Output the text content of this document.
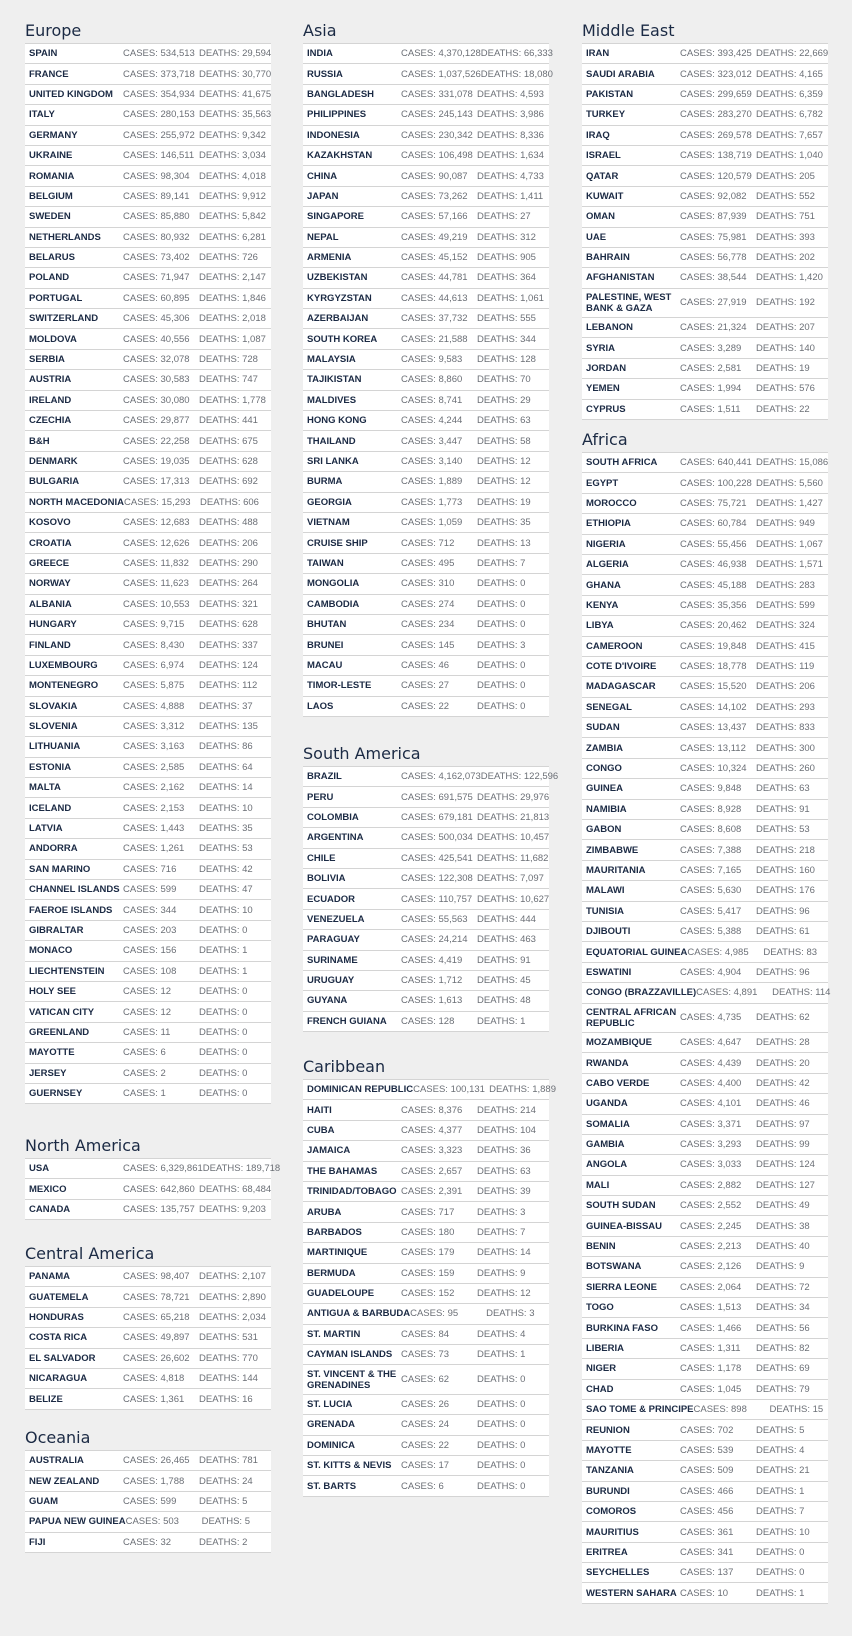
Europe
SPAIN	CASES: 534,513 DEATHS: 29,594
FRANCE	CASES: 373,718 DEATHS: 30,770
UNITED KINGDOM	CASES: 354,934 DEATHS: 41,675
ITALY	CASES: 280,153 DEATHS: 35,563
GERMANY	CASES: 255,972 DEATHS: 9,342
UKRAINE	CASES: 146,511 DEATHS: 3,034
ROMANIA	CASES: 98,304 DEATHS: 4,018
BELGIUM	CASES: 89,141 DEATHS: 9,912
SWEDEN	CASES: 85,880 DEATHS: 5,842
NETHERLANDS	CASES: 80,932 DEATHS: 6,281
BELARUS	CASES: 73,402 DEATHS: 726
POLAND	CASES: 71,947 DEATHS: 2,147
PORTUGAL	CASES: 60,895 DEATHS: 1,846
SWITZERLAND	CASES: 45,306 DEATHS: 2,018
MOLDOVA	CASES: 40,556 DEATHS: 1,087
SERBIA	CASES: 32,078 DEATHS: 728
AUSTRIA	CASES: 30,583 DEATHS: 747
IRELAND	CASES: 30,080 DEATHS: 1,778
CZECHIA	CASES: 29,877 DEATHS: 441
B&H	CASES: 22,258 DEATHS: 675
DENMARK	CASES: 19,035 DEATHS: 628
BULGARIA	CASES: 17,313 DEATHS: 692
NORTH MACEDONIA CASES: 15,293 DEATHS: 606
KOSOVO	CASES: 12,683 DEATHS: 488
CROATIA	CASES: 12,626 DEATHS: 206
GREECE	CASES: 11,832	DEATHS: 290
NORWAY	CASES: 11,623	DEATHS: 264
ALBANIA	CASES: 10,553 DEATHS: 321
HUNGARY	CASES: 9,715	DEATHS: 628
FINLAND	CASES: 8,430	DEATHS: 337
LUXEMBOURG	CASES: 6,974	DEATHS: 124
MONTENEGRO	CASES: 5,875	DEATHS: 112
SLOVAKIA	CASES: 4,888	DEATHS: 37
SLOVENIA	CASES: 3,312	DEATHS: 135
LITHUANIA	CASES: 3,163	DEATHS: 86
ESTONIA	CASES: 2,585	DEATHS: 64
MALTA	CASES: 2,162	DEATHS: 14
ICELAND	CASES: 2,153	DEATHS: 10
LATVIA	CASES: 1,443	DEATHS: 35
ANDORRA	CASES: 1,261	DEATHS: 53
SAN MARINO	CASES: 716	DEATHS: 42
CHANNEL ISLANDS CASES: 599	DEATHS: 47
FAEROE ISLANDS	CASES: 344	DEATHS: 10
GIBRALTAR	CASES: 203	DEATHS: 0
MONACO	CASES: 156	DEATHS: 1
LIECHTENSTEIN	CASES: 108	DEATHS: 1
HOLY SEE	CASES: 12	DEATHS: 0
VATICAN CITY	CASES: 12	DEATHS: 0
GREENLAND	CASES: 11	DEATHS: 0
MAYOTTE	CASES: 6	DEATHS: 0
JERSEY	CASES: 2	DEATHS: 0
GUERNSEY	CASES: 1	DEATHS: 0
North America
USA	CASES: 6,329,861 DEATHS: 189,718
MEXICO	CASES: 642,860 DEATHS: 68,484
CANADA	CASES: 135,757 DEATHS: 9,203
Central America
PANAMA	CASES: 98,407 DEATHS: 2,107
GUATEMELA	CASES: 78,721 DEATHS: 2,890
HONDURAS	CASES: 65,218 DEATHS: 2,034
COSTA RICA	CASES: 49,897 DEATHS: 531
EL SALVADOR	CASES: 26,602 DEATHS: 770
NICARAGUA	CASES: 4,818	DEATHS: 144
BELIZE	CASES: 1,361	DEATHS: 16
Oceania
AUSTRALIA	CASES: 26,465 DEATHS: 781
NEW ZEALAND	CASES: 1,788	DEATHS: 24
GUAM	CASES: 599	DEATHS: 5
PAPUA NEW GUINEA CASES: 503	DEATHS: 5
FIJI	CASES: 32	DEATHS: 2
Asia
INDIA	CASES: 4,370,128 DEATHS: 66,333
RUSSIA	CASES: 1,037,526 DEATHS: 18,080
BANGLADESH	CASES: 331,078 DEATHS: 4,593
PHILIPPINES	CASES: 245,143 DEATHS: 3,986
INDONESIA	CASES: 230,342 DEATHS: 8,336
KAZAKHSTAN	CASES: 106,498 DEATHS: 1,634
CHINA	CASES: 90,087 DEATHS: 4,733
JAPAN	CASES: 73,262 DEATHS: 1,411
SINGAPORE	CASES: 57,166 DEATHS: 27
NEPAL	CASES: 49,219 DEATHS: 312
ARMENIA	CASES: 45,152 DEATHS: 905
UZBEKISTAN	CASES: 44,781 DEATHS: 364
KYRGYZSTAN	CASES: 44,613 DEATHS: 1,061
AZERBAIJAN	CASES: 37,732 DEATHS: 555
SOUTH KOREA	CASES: 21,588 DEATHS: 344
MALAYSIA	CASES: 9,583	DEATHS: 128
TAJIKISTAN	CASES: 8,860	DEATHS: 70
MALDIVES	CASES: 8,741	DEATHS: 29
HONG KONG	CASES: 4,244	DEATHS: 63
THAILAND	CASES: 3,447	DEATHS: 58
SRI LANKA	CASES: 3,140	DEATHS: 12
BURMA	CASES: 1,889	DEATHS: 12
GEORGIA	CASES: 1,773	DEATHS: 19
VIETNAM	CASES: 1,059	DEATHS: 35
CRUISE SHIP	CASES: 712	DEATHS: 13
TAIWAN	CASES: 495	DEATHS: 7
MONGOLIA	CASES: 310	DEATHS: 0
CAMBODIA	CASES: 274	DEATHS: 0
BHUTAN	CASES: 234	DEATHS: 0
BRUNEI	CASES: 145	DEATHS: 3
MACAU	CASES: 46	DEATHS: 0
TIMOR-LESTE	CASES: 27	DEATHS: 0
LAOS	CASES: 22	DEATHS: 0
South America
BRAZIL	CASES: 4,162,073 DEATHS: 122,596
PERU	CASES: 691,575 DEATHS: 29,976
COLOMBIA	CASES: 679,181 DEATHS: 21,813
ARGENTINA	CASES: 500,034 DEATHS: 10,457
CHILE	CASES: 425,541 DEATHS: 11,682
BOLIVIA	CASES: 122,308 DEATHS: 7,097
ECUADOR	CASES: 110,757 DEATHS: 10,627
VENEZUELA	CASES: 55,563 DEATHS: 444
PARAGUAY	CASES: 24,214 DEATHS: 463
SURINAME	CASES: 4,419	DEATHS: 91
URUGUAY	CASES: 1,712	DEATHS: 45
GUYANA	CASES: 1,613	DEATHS: 48
FRENCH GUIANA	CASES: 128	DEATHS: 1
Caribbean
DOMINICAN REPUBLIC CASES: 100,131 DEATHS: 1,889
HAITI	CASES: 8,376	DEATHS: 214
CUBA	CASES: 4,377	DEATHS: 104
JAMAICA	CASES: 3,323	DEATHS: 36
THE BAHAMAS	CASES: 2,657	DEATHS: 63
TRINIDAD/TOBAGO CASES: 2,391	DEATHS: 39
ARUBA	CASES: 717	DEATHS: 3
BARBADOS	CASES: 180	DEATHS: 7
MARTINIQUE	CASES: 179	DEATHS: 14
BERMUDA	CASES: 159	DEATHS: 9
GUADELOUPE	CASES: 152	DEATHS: 12
ANTIGUA & BARBUDA CASES: 95	DEATHS: 3
ST. MARTIN	CASES: 84	DEATHS: 4
CAYMAN ISLANDS CASES: 73	DEATHS: 1
ST. VINCENT & THE GRENADINES	CASES: 62	DEATHS: 0
ST. LUCIA	CASES: 26	DEATHS: 0
GRENADA	CASES: 24	DEATHS: 0
DOMINICA	CASES: 22	DEATHS: 0
ST. KITTS & NEVIS	CASES: 17	DEATHS: 0
ST. BARTS	CASES: 6	DEATHS: 0
Middle East
IRAN	CASES: 393,425 DEATHS: 22,669
SAUDI ARABIA	CASES: 323,012 DEATHS: 4,165
PAKISTAN	CASES: 299,659 DEATHS: 6,359
TURKEY	CASES: 283,270 DEATHS: 6,782
IRAQ	CASES: 269,578 DEATHS: 7,657
ISRAEL	CASES: 138,719 DEATHS: 1,040
QATAR	CASES: 120,579 DEATHS: 205
KUWAIT	CASES: 92,082 DEATHS: 552
OMAN	CASES: 87,939 DEATHS: 751
UAE	CASES: 75,981 DEATHS: 393
BAHRAIN	CASES: 56,778 DEATHS: 202
AFGHANISTAN	CASES: 38,544 DEATHS: 1,420
PALESTINE, WEST BANK & GAZA	CASES: 27,919 DEATHS: 192
LEBANON	CASES: 21,324 DEATHS: 207
SYRIA	CASES: 3,289	DEATHS: 140
JORDAN	CASES: 2,581	DEATHS: 19
YEMEN	CASES: 1,994	DEATHS: 576
CYPRUS	CASES: 1,511	DEATHS: 22
Africa
SOUTH AFRICA	CASES: 640,441 DEATHS: 15,086
EGYPT	CASES: 100,228 DEATHS: 5,560
MOROCCO	CASES: 75,721 DEATHS: 1,427
ETHIOPIA	CASES: 60,784 DEATHS: 949
NIGERIA	CASES: 55,456 DEATHS: 1,067
ALGERIA	CASES: 46,938 DEATHS: 1,571
GHANA	CASES: 45,188 DEATHS: 283
KENYA	CASES: 35,356 DEATHS: 599
LIBYA	CASES: 20,462 DEATHS: 324
CAMEROON	CASES: 19,848 DEATHS: 415
COTE D'IVOIRE	CASES: 18,778 DEATHS: 119
MADAGASCAR	CASES: 15,520 DEATHS: 206
SENEGAL	CASES: 14,102 DEATHS: 293
SUDAN	CASES: 13,437 DEATHS: 833
ZAMBIA	CASES: 13,112	DEATHS: 300
CONGO	CASES: 10,324 DEATHS: 260
GUINEA	CASES: 9,848	DEATHS: 63
NAMIBIA	CASES: 8,928	DEATHS: 91
GABON	CASES: 8,608	DEATHS: 53
ZIMBABWE	CASES: 7,388	DEATHS: 218
MAURITANIA	CASES: 7,165	DEATHS: 160
MALAWI	CASES: 5,630	DEATHS: 176
TUNISIA	CASES: 5,417	DEATHS: 96
DJIBOUTI	CASES: 5,388	DEATHS: 61
EQUATORIAL GUINEA CASES: 4,985	DEATHS: 83
ESWATINI	CASES: 4,904	DEATHS: 96
CONGO (BRAZZAVILLE) CASES: 4,891	DEATHS: 114
CENTRAL AFRICAN REPUBLIC	CASES: 4,735	DEATHS: 62
MOZAMBIQUE	CASES: 4,647	DEATHS: 28
RWANDA	CASES: 4,439	DEATHS: 20
CABO VERDE	CASES: 4,400	DEATHS: 42
UGANDA	CASES: 4,101	DEATHS: 46
SOMALIA	CASES: 3,371	DEATHS: 97
GAMBIA	CASES: 3,293	DEATHS: 99
ANGOLA	CASES: 3,033	DEATHS: 124
MALI	CASES: 2,882	DEATHS: 127
SOUTH SUDAN	CASES: 2,552	DEATHS: 49
GUINEA-BISSAU	CASES: 2,245	DEATHS: 38
BENIN	CASES: 2,213	DEATHS: 40
BOTSWANA	CASES: 2,126	DEATHS: 9
SIERRA LEONE	CASES: 2,064	DEATHS: 72
TOGO	CASES: 1,513	DEATHS: 34
BURKINA FASO	CASES: 1,466	DEATHS: 56
LIBERIA	CASES: 1,311	DEATHS: 82
NIGER	CASES: 1,178	DEATHS: 69
CHAD	CASES: 1,045	DEATHS: 79
SAO TOME & PRINCIPE CASES: 898	DEATHS: 15
REUNION	CASES: 702	DEATHS: 5
MAYOTTE	CASES: 539	DEATHS: 4
TANZANIA	CASES: 509	DEATHS: 21
BURUNDI	CASES: 466	DEATHS: 1
COMOROS	CASES: 456	DEATHS: 7
MAURITIUS	CASES: 361	DEATHS: 10
ERITREA	CASES: 341	DEATHS: 0
SEYCHELLES	CASES: 137	DEATHS: 0
WESTERN SAHARA CASES: 10	DEATHS: 1
